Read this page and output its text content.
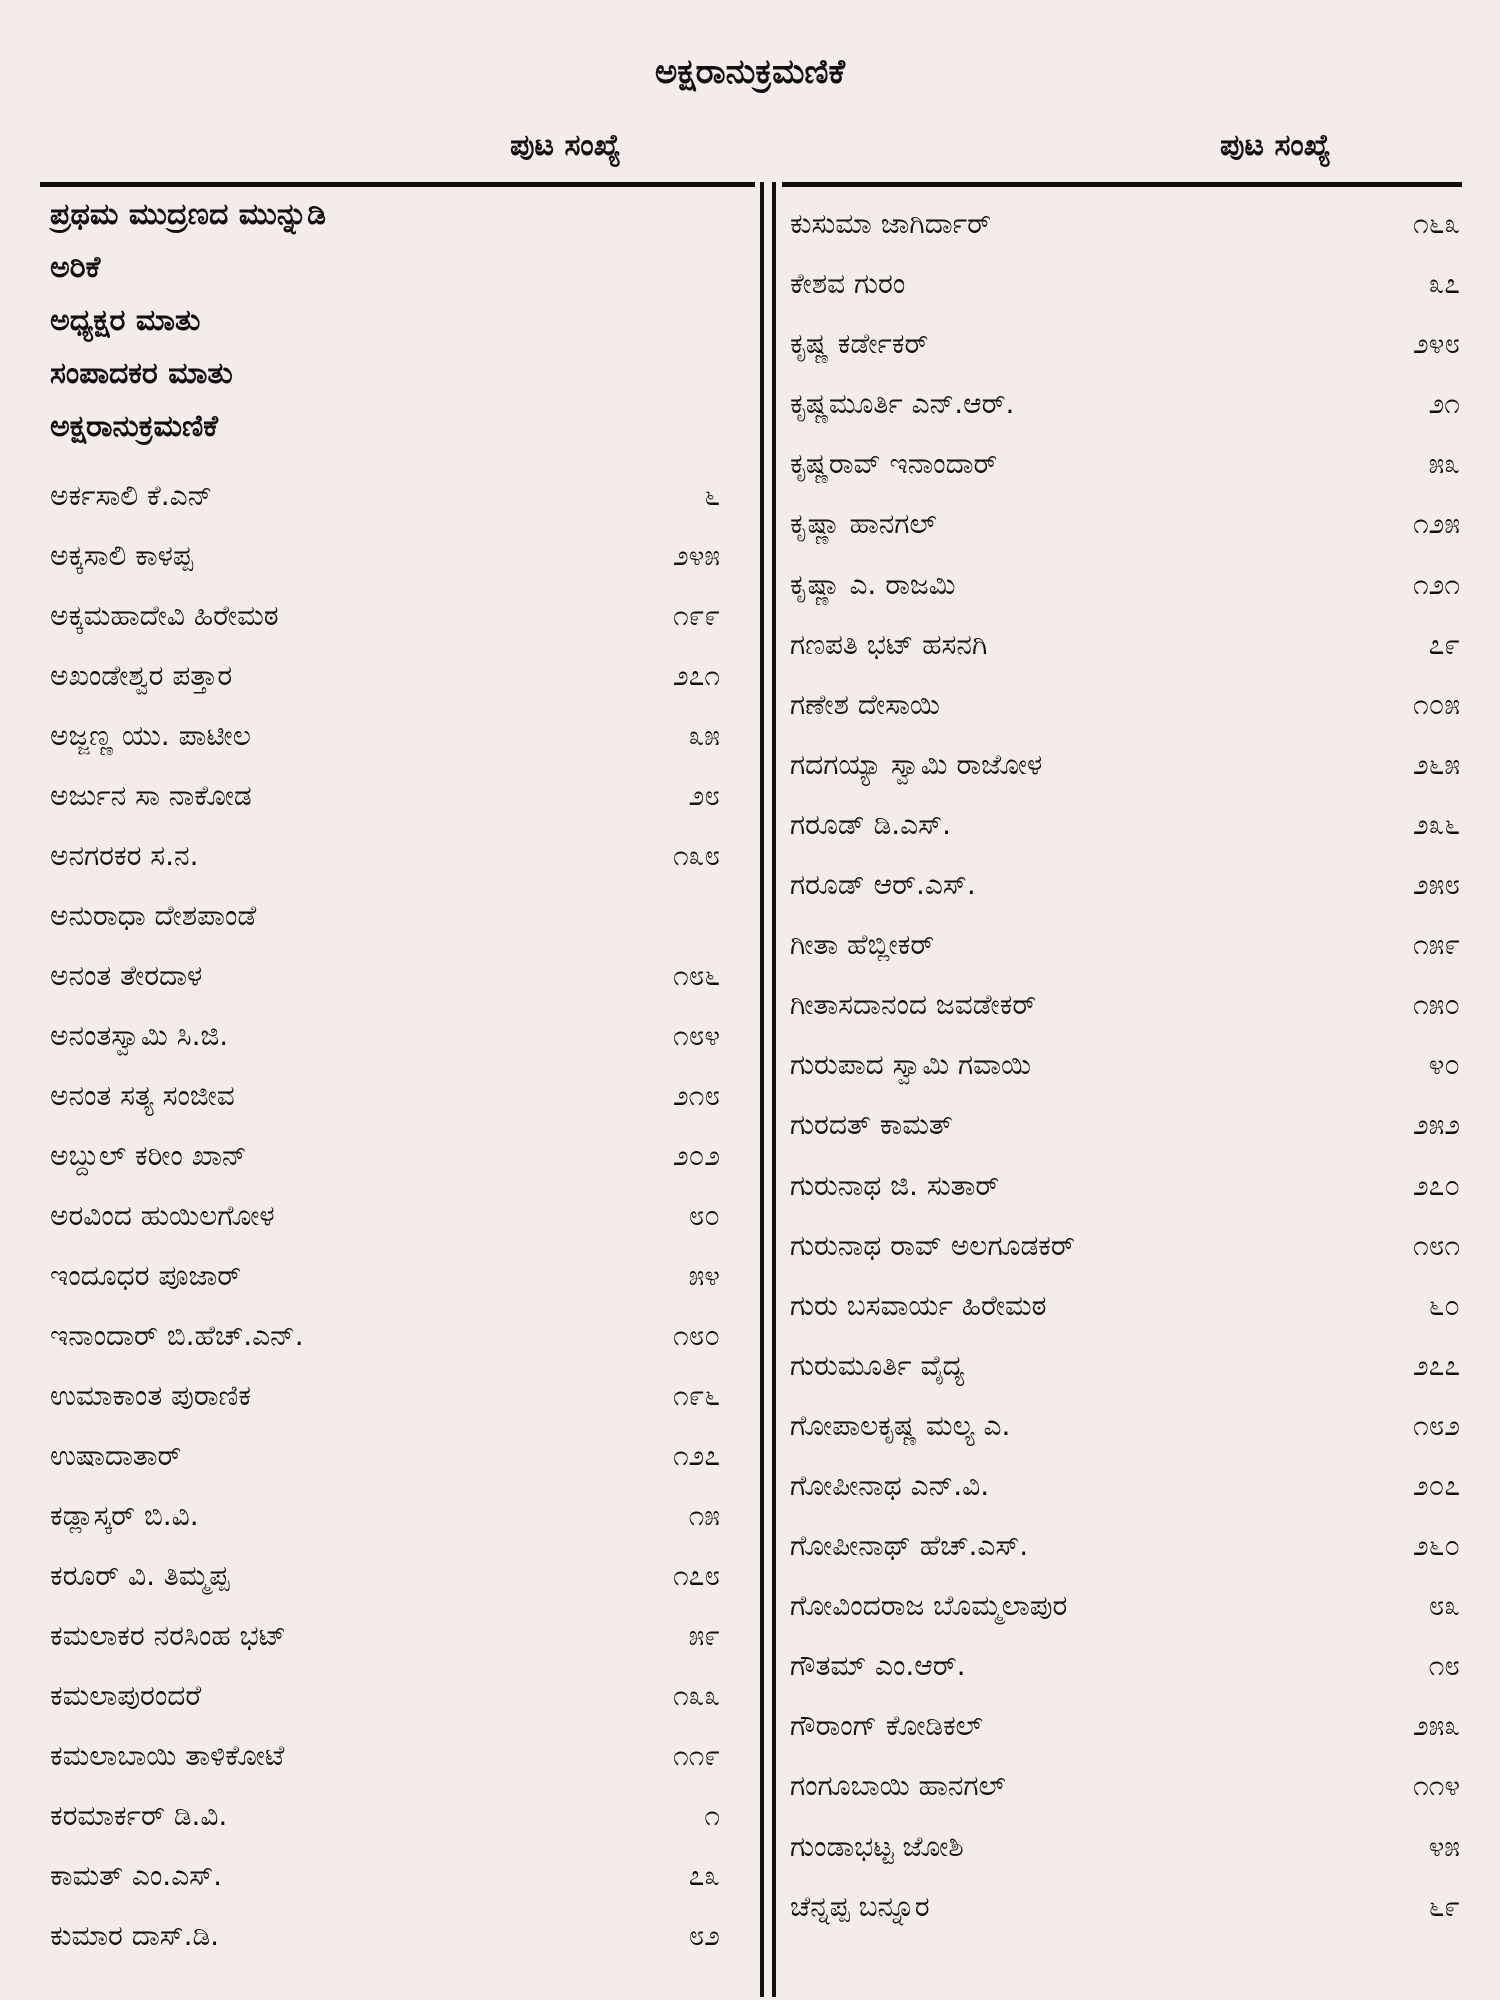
ಅಕ್ಷರಾನುಕ್ರಮಣಿಕೆ
ಪುಟ ಸಂಖ್ಯೆ	ಪುಟ ಸಂಖ್ಯೆ
ಪ್ರಥಮ ಮುದ್ರಣದ ಮುನ್ನುಡಿ
ಅರಿಕೆ
ಅಧ್ಯಕ್ಷರ ಮಾತು
ಸಂಪಾದಕರ ಮಾತು
ಅಕ್ಷರಾನುಕ್ರಮಣಿಕೆ
ಅರ್ಕಸಾಲಿ ಕೆ.ಎನ್	೬
ಅಕ್ಕಸಾಲಿ ಕಾಳಪ್ಪ	೨೪೫
ಅಕ್ಕಮಹಾದೇವಿ ಹಿರೇಮಠ	೧೯೯
ಅಖಂಡೇಶ್ವರ ಪತ್ತಾರ	೨೭೧
ಅಜ್ಜಣ್ಣ ಯು. ಪಾಟೀಲ	೩೫
ಅರ್ಜುನ ಸಾ ನಾಕೋಡ	೨೮
ಅನಗರಕರ ಸ.ನ.	೧೩೮
ಅನುರಾಧಾ ದೇಶಪಾಂಡೆ
ಅನಂತ ತೇರದಾಳ	೧೮೬
ಅನಂತಸ್ವಾಮಿ ಸಿ.ಜಿ.	೧೮೪
ಅನಂತ ಸತ್ಯ ಸಂಜೀವ	೨೧೮
ಅಬ್ದುಲ್ ಕರೀಂ ಖಾನ್	೨೦೨
ಅರವಿಂದ ಹುಯಿಲಗೋಳ	೮೦
ಇಂದೂಧರ ಪೂಜಾರ್	೫೪
ಇನಾಂದಾರ್ ಬಿ.ಹೆಚ್.ಎನ್.	೧೮೦
ಉಮಾಕಾಂತ ಪುರಾಣಿಕ	೧೯೬
ಉಷಾದಾತಾರ್	೧೨೭
ಕಡ್ಲಾಸ್ಕರ್ ಬಿ.ವಿ.	೧೫
ಕರೂರ್ ವಿ. ತಿಮ್ಮಪ್ಪ	೧೭೮
ಕಮಲಾಕರ ನರಸಿಂಹ ಭಟ್	೫೯
ಕಮಲಾಪುರಂದರೆ	೧೩೩
ಕಮಲಾಬಾಯಿ ತಾಳಿಕೋಟೆ	೧೧೯
ಕರಮಾರ್ಕರ್ ಡಿ.ವಿ.	೧
ಕಾಮತ್ ಎಂ.ಎಸ್.	೭೩
ಕುಮಾರ ದಾಸ್.ಡಿ.	೮೨
ಕುಸುಮಾ ಜಾಗಿರ್ದಾರ್	೧೬೩
ಕೇಶವ ಗುರಂ	೩೭
ಕೃಷ್ಣ ಕರ್ಡೇಕರ್	೨೪೮
ಕೃಷ್ಣಮೂರ್ತಿ ಎನ್.ಆರ್.	೨೧
ಕೃಷ್ಣರಾವ್ ಇನಾಂದಾರ್	೫೩
ಕೃಷ್ಣಾ ಹಾನಗಲ್	೧೨೫
ಕೃಷ್ಣಾ ಎ. ರಾಜಮಿ	೧೨೧
ಗಣಪತಿ ಭಟ್ ಹಸನಗಿ	೭೯
ಗಣೇಶ ದೇಸಾಯಿ	೧೦೫
ಗದಗಯ್ಯಾ ಸ್ವಾಮಿ ರಾಜೋಳ	೨೬೫
ಗರೂಡ್ ಡಿ.ಎಸ್.	೨೩೬
ಗರೂಡ್ ಆರ್.ಎಸ್.	೨೫೮
ಗೀತಾ ಹೆಬ್ಲೀಕರ್	೧೫೯
ಗೀತಾಸದಾನಂದ ಜವಡೇಕರ್	೧೫೦
ಗುರುಪಾದ ಸ್ವಾಮಿ ಗವಾಯಿ	೪೦
ಗುರದತ್ ಕಾಮತ್	೨೫೨
ಗುರುನಾಥ ಜಿ. ಸುತಾರ್	೨೭೦
ಗುರುನಾಥ ರಾವ್ ಅಲಗೂಡಕರ್	೧೮೧
ಗುರು ಬಸವಾರ್ಯ ಹಿರೇಮಠ	೬೦
ಗುರುಮೂರ್ತಿ ವೈದ್ಯ	೨೭೭
ಗೋಪಾಲಕೃಷ್ಣ ಮಲ್ಯ ಎ.	೧೮೨
ಗೋಪೀನಾಥ ಎನ್.ವಿ.	೨೦೭
ಗೋಪೀನಾಥ್ ಹೆಚ್.ಎಸ್.	೨೬೦
ಗೋವಿಂದರಾಜ ಬೊಮ್ಮಲಾಪುರ	೮೩
ಗೌತಮ್ ಎಂ.ಆರ್.	೧೮
ಗೌರಾಂಗ್ ಕೋಡಿಕಲ್	೨೫೩
ಗಂಗೂಬಾಯಿ ಹಾನಗಲ್	೧೧೪
ಗುಂಡಾಭಟ್ಟ ಜೋಶಿ	೪೫
ಚೆನ್ನಪ್ಪ ಬನ್ನೂರ	೬೯
